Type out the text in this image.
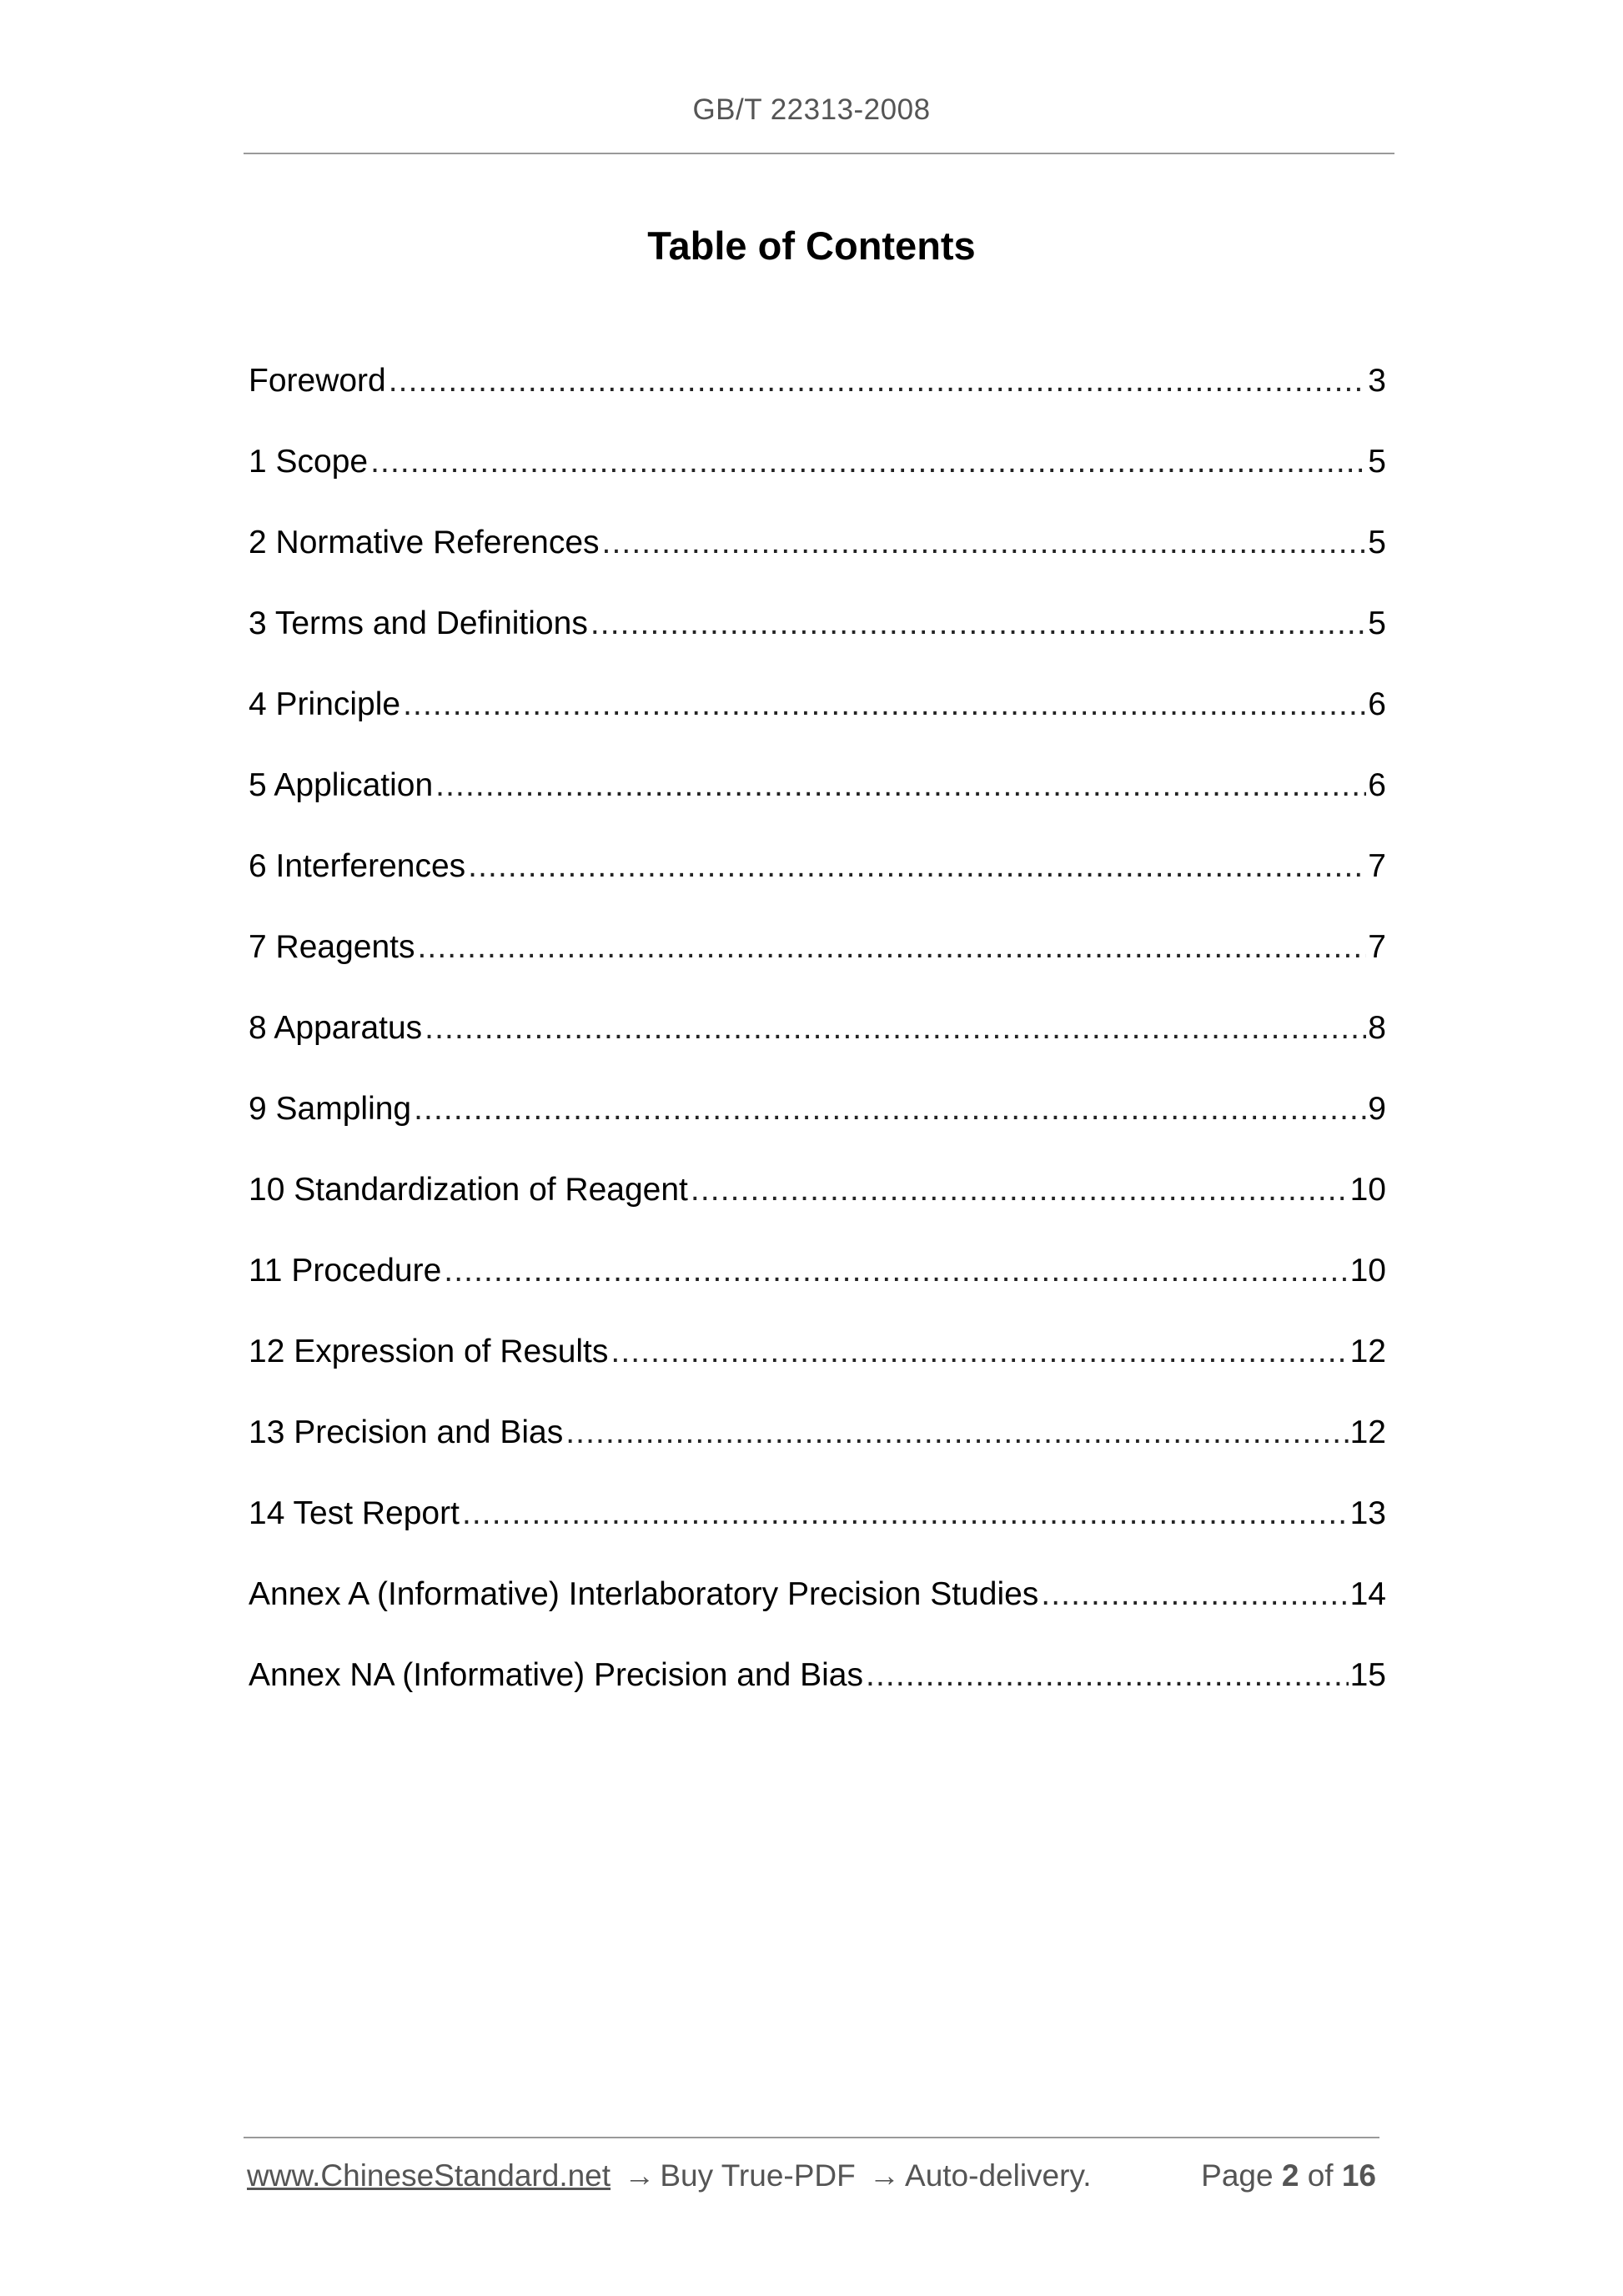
GB/T 22313-2008
Table of Contents
Foreword .....	3
1 Scope .....	5
2 Normative References .....	5
3 Terms and Definitions .....	5
4 Principle .....	6
5 Application .....	6
6 Interferences .....	7
7 Reagents .....	7
8 Apparatus .....	8
9 Sampling .....	9
10 Standardization of Reagent .....	10
11 Procedure .....	10
12 Expression of Results .....	12
13 Precision and Bias .....	12
14 Test Report .....	13
Annex A (Informative) Interlaboratory Precision Studies .....	14
Annex NA (Informative) Precision and Bias .....	15
www.ChineseStandard.net → Buy True-PDF → Auto-delivery.	Page 2 of 16
